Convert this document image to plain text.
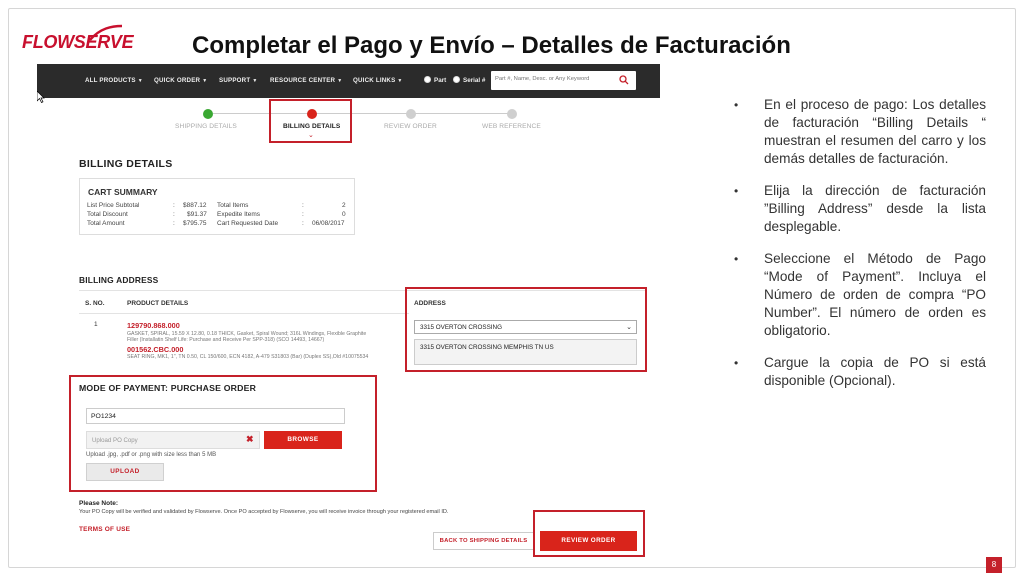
FLOWSERVE Completar el Pago y Envío – Detalles de Facturación
ALL PRODUCTS ▼ QUICK ORDER ▼ SUPPORT ▼ RESOURCE CENTER ▼ QUICK LINKS ▼	Part	Serial #
Part #, Name, Desc. or Any Keyword
SHIPPING DETAILS	BILLING DETAILS	REVIEW ORDER	WEB REFERENCE
⌄
BILLING DETAILS
CART SUMMARY
List Price Subtotal	: $887.12 Total Items	:	2
Total Discount	: $91.37 Expedite Items	:	0
Total Amount	: $795.75 Cart Requested Date	: 06/08/2017
BILLING ADDRESS
S. NO.	PRODUCT DETAILS	ADDRESS
1	129790.868.000
GASKET, SPIRAL, 15.59 X 12.80, 0.18 THICK, Gasket, Spiral Wound; 316L Windings, Flexible Graphite
Filler (Installatin Shelf Life: Purchase and Receive Per SPP-318) (SCO 14493, 14667)
001562.CBC.000
SEAT RING, MK1, 1", TN 0.50, CL 150/600, ECN 4182, A-479 S31803 (Bar) (Duplex SS),Old #10075534
3315 OVERTON CROSSING	⌄
3315 OVERTON CROSSING MEMPHIS TN US
MODE OF PAYMENT: PURCHASE ORDER
PO1234
Upload PO Copy	✖	BROWSE
Upload .jpg, .pdf or .png with size less than 5 MB
UPLOAD
Please Note:
Your PO Copy will be verified and validated by Flowserve. Once PO accepted by Flowserve, you will receive invoice through your registered email ID.
TERMS OF USE
BACK TO SHIPPING DETAILS	REVIEW ORDER
• En el proceso de pago: Los detalles de facturación “Billing Details “ muestran el resumen del carro y los demás detalles de facturación.
• Elija la dirección de facturación ”Billing Address” desde la lista desplegable.
• Seleccione el Método de Pago “Mode of Payment”. Incluya el Número de orden de compra “PO Number”. El número de orden es obligatorio.
• Cargue la copia de PO si está disponible (Opcional).
8
